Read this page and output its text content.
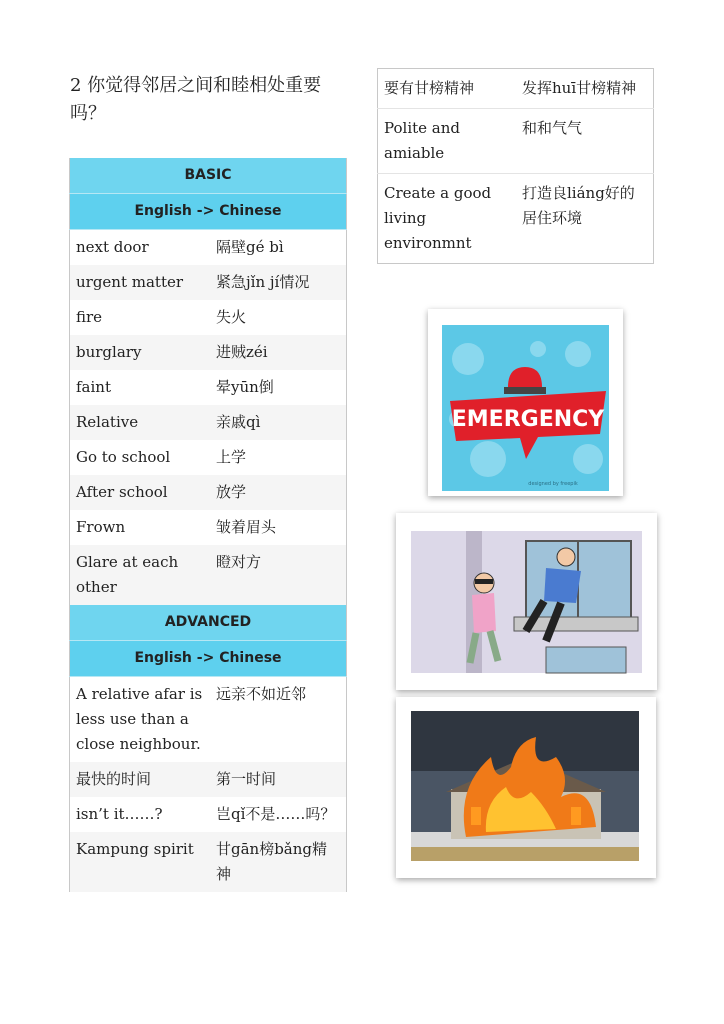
2 你觉得邻居之间和睦相处重要吗？
BASIC	
English -> Chinese	
next door	隔壁gé bì
urgent matter	紧急jǐn jí情况
fire	失火
burglary	进贼zéi
faint	晕yūn倒
Relative	亲戚qì
Go to school	上学
After school	放学
Frown	皱着眉头
Glare at each other	瞪对方
ADVANCED	
English -> Chinese	
A relative afar is less use than a close neighbour.	远亲不如近邻
最快的时间	第一时间
isn’t it……?	岂qǐ不是……吗？
Kampung spirit	甘gān榜bǎng精神
要有甘榜精神	发挥huī甘榜精神
Polite and amiable	和和气气
Create a good living environmnt	打造良liáng好的居住环境
EMERGENCY
designed by freepik
